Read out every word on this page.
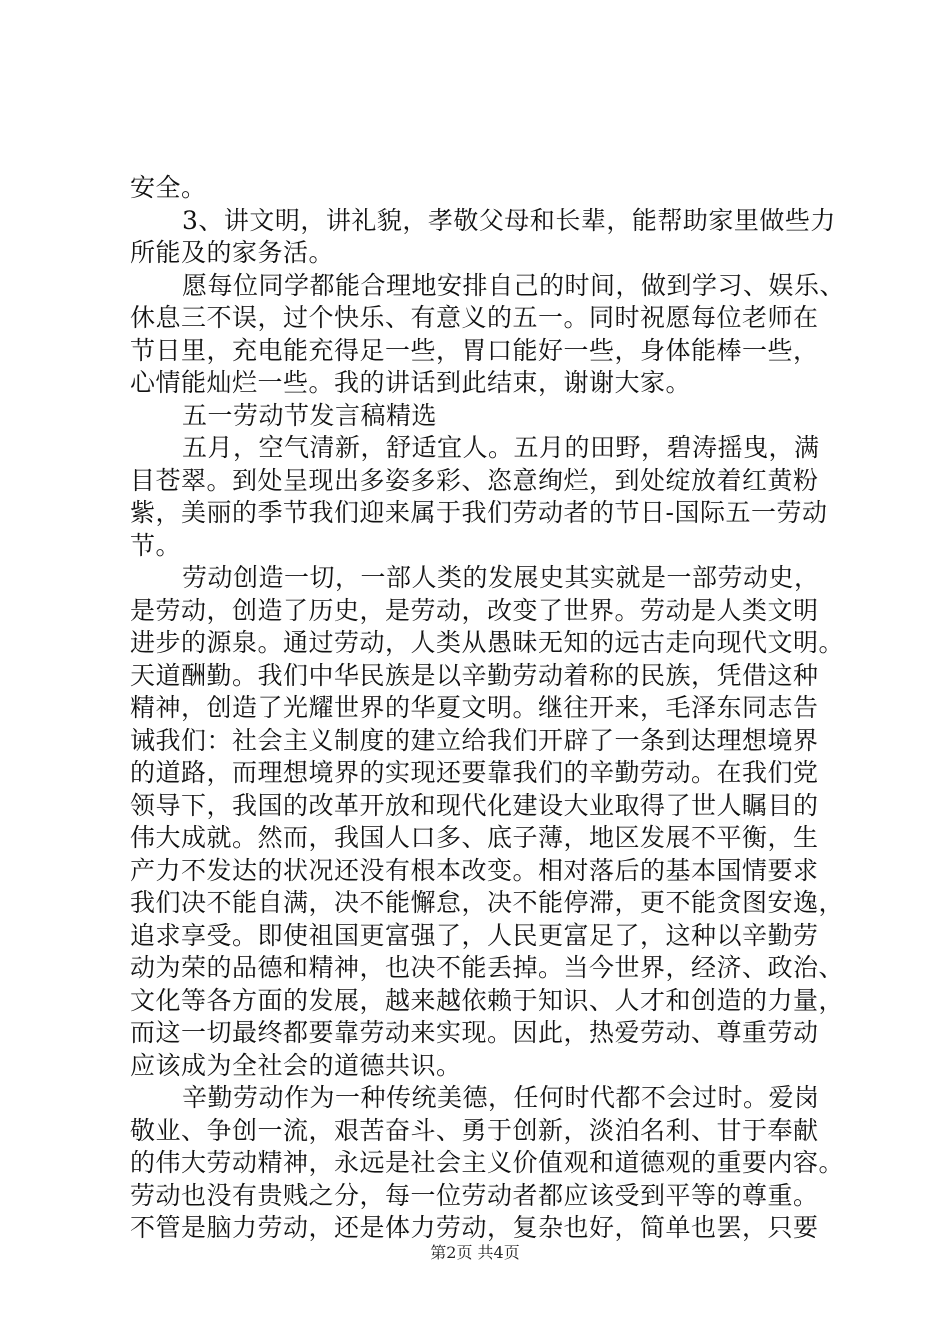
安全。
3、讲文明，讲礼貌，孝敬父母和长辈，能帮助家里做些力
所能及的家务活。
愿每位同学都能合理地安排自己的时间，做到学习、娱乐、
休息三不误，过个快乐、有意义的五一。同时祝愿每位老师在
节日里，充电能充得足一些，胃口能好一些，身体能棒一些，
心情能灿烂一些。我的讲话到此结束，谢谢大家。
五一劳动节发言稿精选
五月，空气清新，舒适宜人。五月的田野，碧涛摇曳，满
目苍翠。到处呈现出多姿多彩、恣意绚烂，到处绽放着红黄粉
紫，美丽的季节我们迎来属于我们劳动者的节日-国际五一劳动
节。
劳动创造一切，一部人类的发展史其实就是一部劳动史，
是劳动，创造了历史，是劳动，改变了世界。劳动是人类文明
进步的源泉。通过劳动，人类从愚昧无知的远古走向现代文明。
天道酬勤。我们中华民族是以辛勤劳动着称的民族，凭借这种
精神，创造了光耀世界的华夏文明。继往开来，毛泽东同志告
诫我们：社会主义制度的建立给我们开辟了一条到达理想境界
的道路，而理想境界的实现还要靠我们的辛勤劳动。在我们党
领导下，我国的改革开放和现代化建设大业取得了世人瞩目的
伟大成就。然而，我国人口多、底子薄，地区发展不平衡，生
产力不发达的状况还没有根本改变。相对落后的基本国情要求
我们决不能自满，决不能懈怠，决不能停滞，更不能贪图安逸，
追求享受。即使祖国更富强了，人民更富足了，这种以辛勤劳
动为荣的品德和精神，也决不能丢掉。当今世界，经济、政治、
文化等各方面的发展，越来越依赖于知识、人才和创造的力量，
而这一切最终都要靠劳动来实现。因此，热爱劳动、尊重劳动
应该成为全社会的道德共识。
辛勤劳动作为一种传统美德，任何时代都不会过时。爱岗
敬业、争创一流，艰苦奋斗、勇于创新，淡泊名利、甘于奉献
的伟大劳动精神，永远是社会主义价值观和道德观的重要内容。
劳动也没有贵贱之分，每一位劳动者都应该受到平等的尊重。
不管是脑力劳动，还是体力劳动，复杂也好，简单也罢，只要
第2页 共4页
